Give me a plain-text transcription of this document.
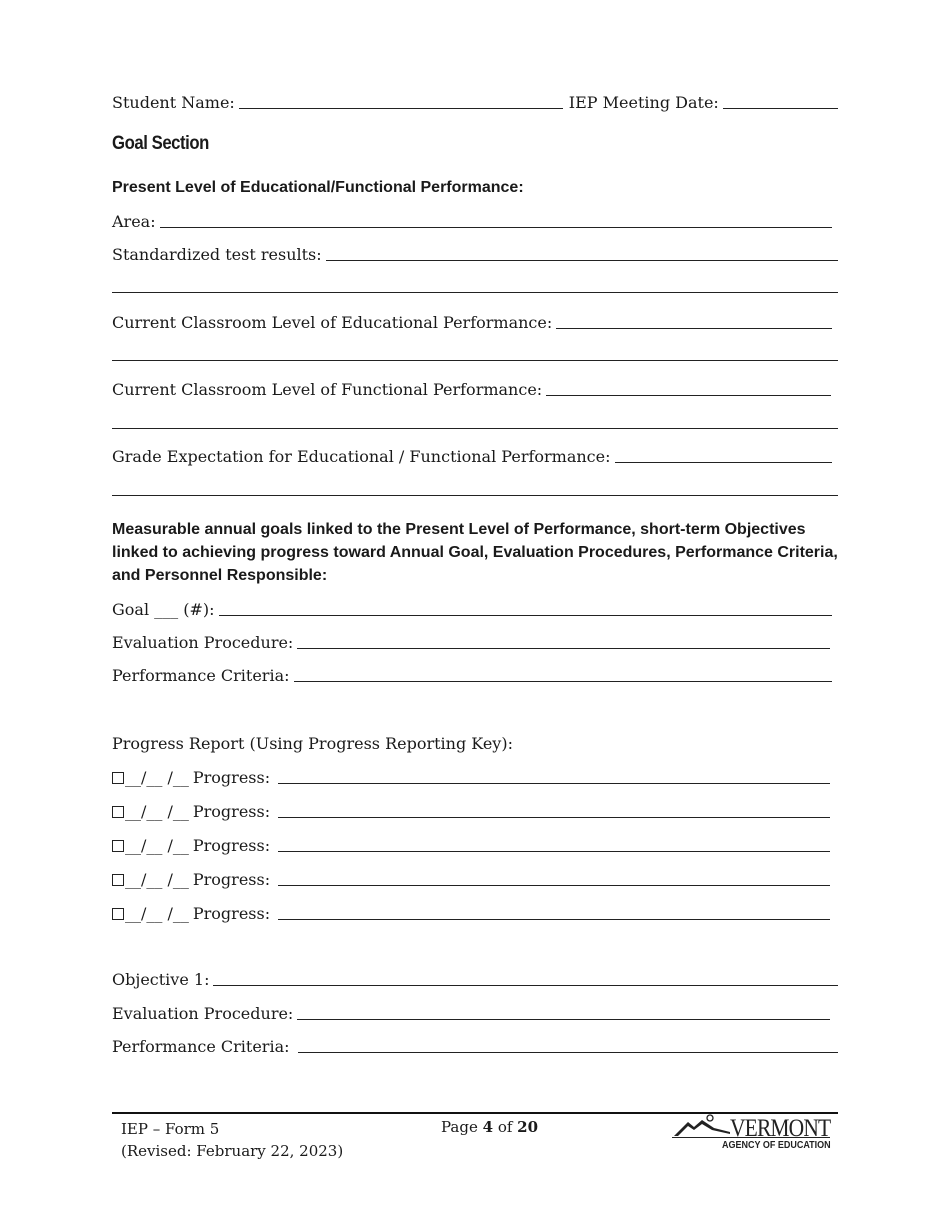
Student Name:	IEP Meeting Date:
Goal Section
Present Level of Educational/Functional Performance:
Area:
Standardized test results:
Current Classroom Level of Educational Performance:
Current Classroom Level of Functional Performance:
Grade Expectation for Educational / Functional Performance:
Measurable annual goals linked to the Present Level of Performance, short-term Objectives linked to achieving progress toward Annual Goal, Evaluation Procedures, Performance Criteria, and Personnel Responsible:
Goal ___ (#):
Evaluation Procedure:
Performance Criteria:
Progress Report (Using Progress Reporting Key):
__/__ /__ Progress:
__/__ /__ Progress:
__/__ /__ Progress:
__/__ /__ Progress:
__/__ /__ Progress:
Objective 1:
Evaluation Procedure:
Performance Criteria:
IEP – Form 5
(Revised: February 22, 2023)
Page 4 of 20	VERMONT
AGENCY OF EDUCATION
